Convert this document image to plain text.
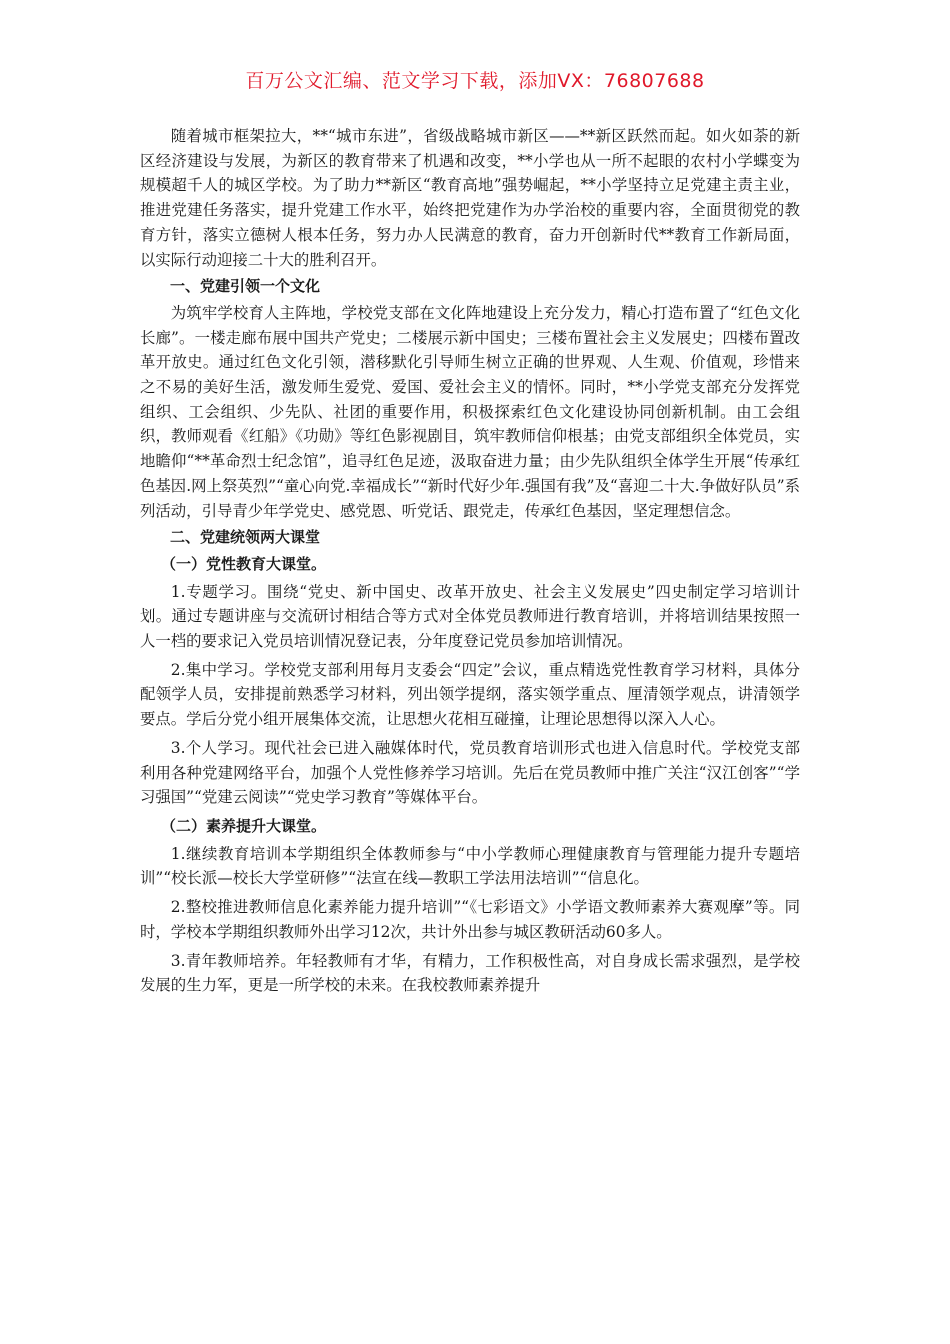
百万公文汇编、范文学习下载，添加VX：76807688

随着城市框架拉大，**“城市东进”，省级战略城市新区——**新区跃然而起。如火如荼的新区经济建设与发展，为新区的教育带来了机遇和改变，**小学也从一所不起眼的农村小学蝶变为规模超千人的城区学校。为了助力**新区“教育高地”强势崛起，**小学坚持立足党建主责主业，推进党建任务落实，提升党建工作水平，始终把党建作为办学治校的重要内容，全面贯彻党的教育方针，落实立德树人根本任务，努力办人民满意的教育，奋力开创新时代**教育工作新局面，以实际行动迎接二十大的胜利召开。

一、党建引领一个文化

为筑牢学校育人主阵地，学校党支部在文化阵地建设上充分发力，精心打造布置了“红色文化长廊”。一楼走廊布展中国共产党史；二楼展示新中国史；三楼布置社会主义发展史；四楼布置改革开放史。通过红色文化引领，潜移默化引导师生树立正确的世界观、人生观、价值观，珍惜来之不易的美好生活，激发师生爱党、爱国、爱社会主义的情怀。同时，**小学党支部充分发挥党组织、工会组织、少先队、社团的重要作用，积极探索红色文化建设协同创新机制。由工会组织，教师观看《红船》《功勋》等红色影视剧目，筑牢教师信仰根基；由党支部组织全体党员，实地瞻仰“**革命烈士纪念馆”，追寻红色足迹，汲取奋进力量；由少先队组织全体学生开展“传承红色基因.网上祭英烈”“童心向党.幸福成长”“新时代好少年.强国有我”及“喜迎二十大.争做好队员”系列活动，引导青少年学党史、感党恩、听党话、跟党走，传承红色基因，坚定理想信念。

二、党建统领两大课堂

（一）党性教育大课堂。

1.专题学习。围绕“党史、新中国史、改革开放史、社会主义发展史”四史制定学习培训计划。通过专题讲座与交流研讨相结合等方式对全体党员教师进行教育培训，并将培训结果按照一人一档的要求记入党员培训情况登记表，分年度登记党员参加培训情况。

2.集中学习。学校党支部利用每月支委会“四定”会议，重点精选党性教育学习材料，具体分配领学人员，安排提前熟悉学习材料，列出领学提纲，落实领学重点、厘清领学观点，讲清领学要点。学后分党小组开展集体交流，让思想火花相互碰撞，让理论思想得以深入人心。

3.个人学习。现代社会已进入融媒体时代，党员教育培训形式也进入信息时代。学校党支部利用各种党建网络平台，加强个人党性修养学习培训。先后在党员教师中推广关注“汉江创客”“学习强国”“党建云阅读”“党史学习教育”等媒体平台。

（二）素养提升大课堂。

1.继续教育培训本学期组织全体教师参与“中小学教师心理健康教育与管理能力提升专题培训”“校长派—校长大学堂研修”“法宣在线—教职工学法用法培训”“信息化。

2.整校推进教师信息化素养能力提升培训”“《七彩语文》小学语文教师素养大赛观摩”等。同时，学校本学期组织教师外出学习12次，共计外出参与城区教研活动60多人。

3.青年教师培养。年轻教师有才华，有精力，工作积极性高，对自身成长需求强烈，是学校发展的生力军，更是一所学校的未来。在我校教师素养提升
